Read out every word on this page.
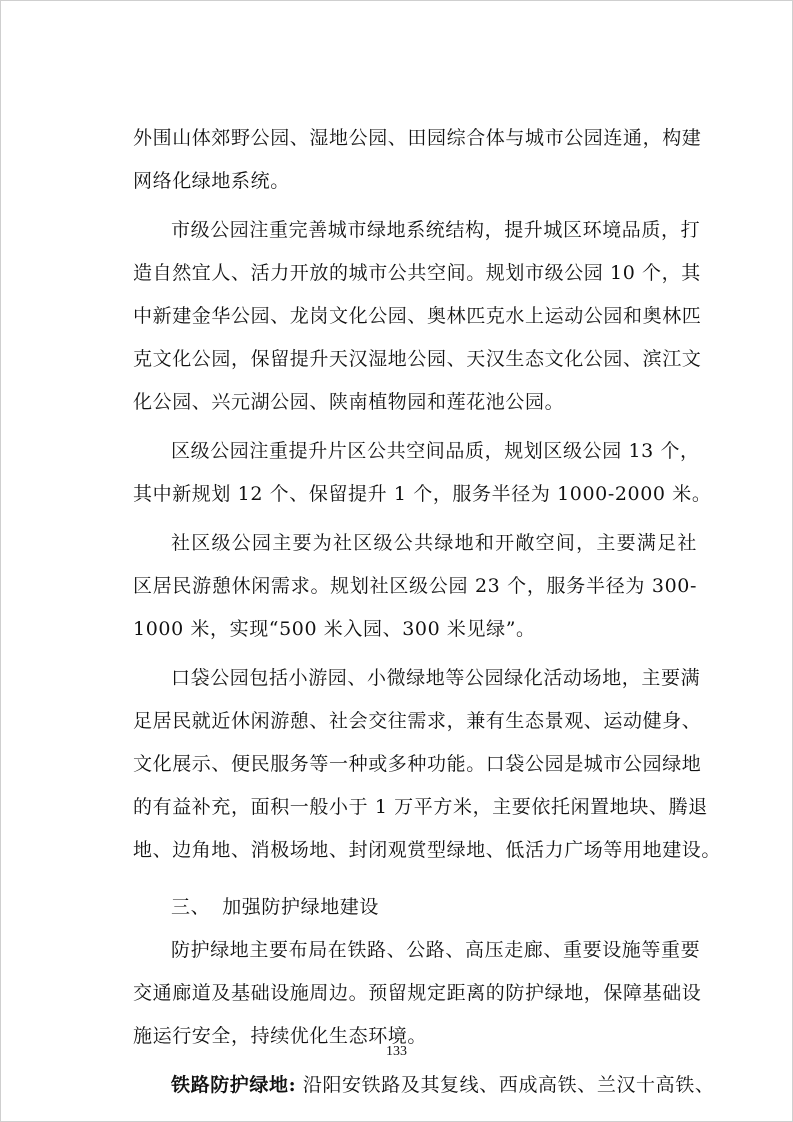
外围山体郊野公园、湿地公园、田园综合体与城市公园连通，构建
网络化绿地系统。
市级公园注重完善城市绿地系统结构，提升城区环境品质，打
造自然宜人、活力开放的城市公共空间。规划市级公园 10 个，其
中新建金华公园、龙岗文化公园、奥林匹克水上运动公园和奥林匹
克文化公园，保留提升天汉湿地公园、天汉生态文化公园、滨江文
化公园、兴元湖公园、陕南植物园和莲花池公园。
区级公园注重提升片区公共空间品质，规划区级公园 13 个，
其中新规划 12 个、保留提升 1 个，服务半径为 1000-2000 米。
社区级公园主要为社区级公共绿地和开敞空间，主要满足社
区居民游憩休闲需求。规划社区级公园 23 个，服务半径为 300-
1000 米，实现“500 米入园、300 米见绿”。
口袋公园包括小游园、小微绿地等公园绿化活动场地，主要满
足居民就近休闲游憩、社会交往需求，兼有生态景观、运动健身、
文化展示、便民服务等一种或多种功能。口袋公园是城市公园绿地
的有益补充，面积一般小于 1 万平方米，主要依托闲置地块、腾退
地、边角地、消极场地、封闭观赏型绿地、低活力广场等用地建设。
三、 加强防护绿地建设
防护绿地主要布局在铁路、公路、高压走廊、重要设施等重要
交通廊道及基础设施周边。预留规定距离的防护绿地，保障基础设
施运行安全，持续优化生态环境。
铁路防护绿地: 沿阳安铁路及其复线、西成高铁、兰汉十高铁、
133
